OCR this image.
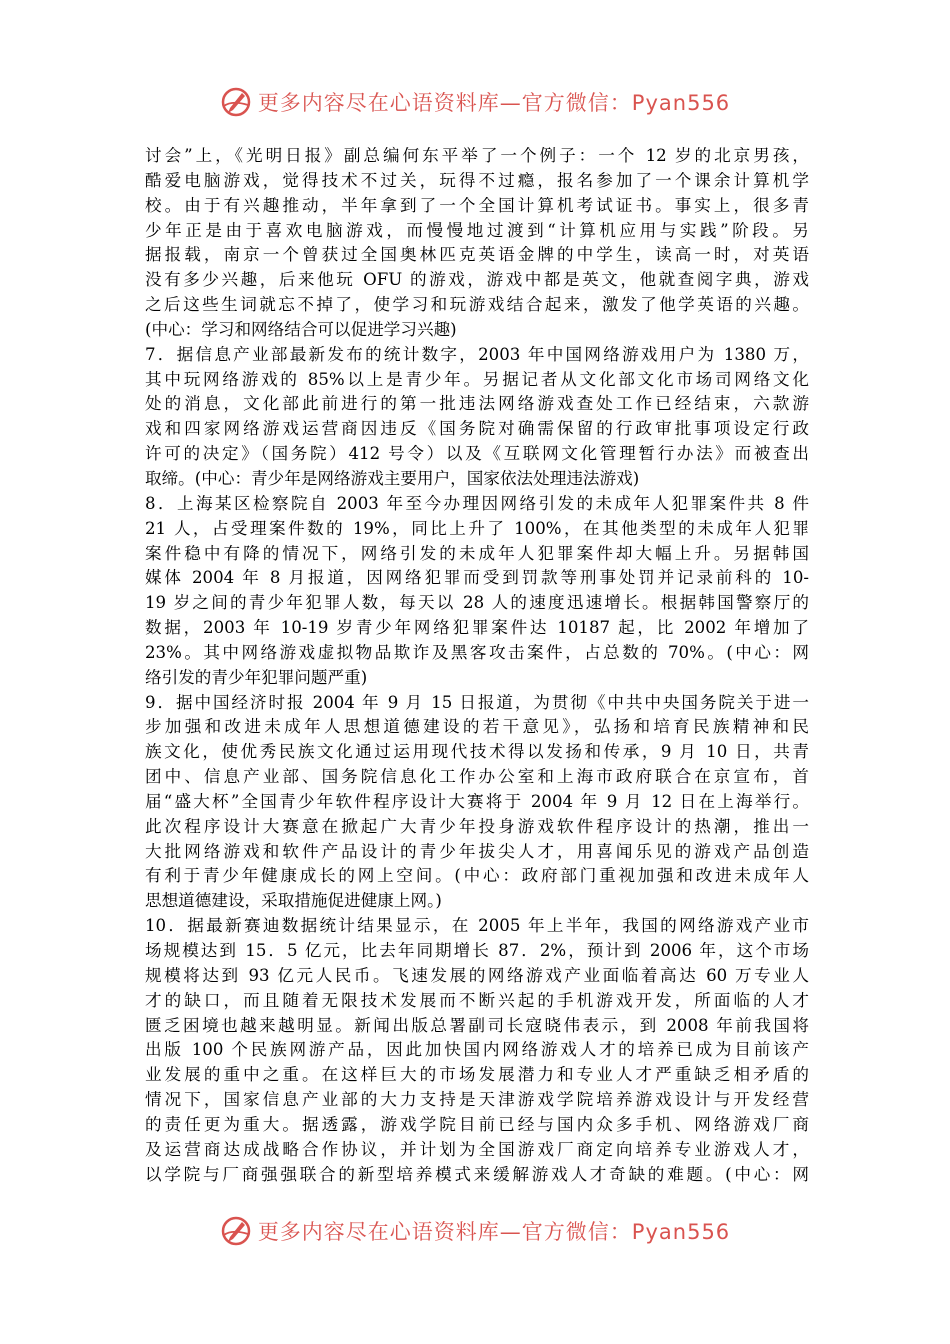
更多内容尽在心语资料库—官方微信：Pyan556
讨会”上，《光明日报》副总编何东平举了一个例子：一个 12 岁的北京男孩，
酷爱电脑游戏，觉得技术不过关，玩得不过瘾，报名参加了一个课余计算机学
校。由于有兴趣推动，半年拿到了一个全国计算机考试证书。事实上，很多青
少年正是由于喜欢电脑游戏，而慢慢地过渡到“计算机应用与实践”阶段。另
据报载，南京一个曾获过全国奥林匹克英语金牌的中学生，读高一时，对英语
没有多少兴趣，后来他玩 OFU 的游戏，游戏中都是英文，他就查阅字典，游戏
之后这些生词就忘不掉了，使学习和玩游戏结合起来，激发了他学英语的兴趣。
(中心：学习和网络结合可以促进学习兴趣)
7．据信息产业部最新发布的统计数字，2003 年中国网络游戏用户为 1380 万，
其中玩网络游戏的 85%以上是青少年。另据记者从文化部文化市场司网络文化
处的消息，文化部此前进行的第一批违法网络游戏查处工作已经结束，六款游
戏和四家网络游戏运营商因违反《国务院对确需保留的行政审批事项设定行政
许可的决定》（国务院）412 号令）以及《互联网文化管理暂行办法》而被查出
取缔。(中心：青少年是网络游戏主要用户，国家依法处理违法游戏)
8．上海某区检察院自 2003 年至今办理因网络引发的未成年人犯罪案件共 8 件
21 人，占受理案件数的 19%，同比上升了 100%，在其他类型的未成年人犯罪
案件稳中有降的情况下，网络引发的未成年人犯罪案件却大幅上升。另据韩国
媒体 2004 年 8 月报道，因网络犯罪而受到罚款等刑事处罚并记录前科的 10-
19 岁之间的青少年犯罪人数，每天以 28 人的速度迅速增长。根据韩国警察厅的
数据，2003 年 10-19 岁青少年网络犯罪案件达 10187 起，比 2002 年增加了
23%。其中网络游戏虚拟物品欺诈及黑客攻击案件，占总数的 70%。(中心：网
络引发的青少年犯罪问题严重)
9．据中国经济时报 2004 年 9 月 15 日报道，为贯彻《中共中央国务院关于进一
步加强和改进未成年人思想道德建设的若干意见》，弘扬和培育民族精神和民
族文化，使优秀民族文化通过运用现代技术得以发扬和传承，9 月 10 日，共青
团中、信息产业部、国务院信息化工作办公室和上海市政府联合在京宣布，首
届“盛大杯”全国青少年软件程序设计大赛将于 2004 年 9 月 12 日在上海举行。
此次程序设计大赛意在掀起广大青少年投身游戏软件程序设计的热潮，推出一
大批网络游戏和软件产品设计的青少年拔尖人才，用喜闻乐见的游戏产品创造
有利于青少年健康成长的网上空间。(中心：政府部门重视加强和改进未成年人
思想道德建设，采取措施促进健康上网。)
10．据最新赛迪数据统计结果显示，在 2005 年上半年，我国的网络游戏产业市
场规模达到 15．5 亿元，比去年同期增长 87．2%，预计到 2006 年，这个市场
规模将达到 93 亿元人民币。飞速发展的网络游戏产业面临着高达 60 万专业人
才的缺口，而且随着无限技术发展而不断兴起的手机游戏开发，所面临的人才
匮乏困境也越来越明显。新闻出版总署副司长寇晓伟表示，到 2008 年前我国将
出版 100 个民族网游产品，因此加快国内网络游戏人才的培养已成为目前该产
业发展的重中之重。在这样巨大的市场发展潜力和专业人才严重缺乏相矛盾的
情况下，国家信息产业部的大力支持是天津游戏学院培养游戏设计与开发经营
的责任更为重大。据透露，游戏学院目前已经与国内众多手机、网络游戏厂商
及运营商达成战略合作协议，并计划为全国游戏厂商定向培养专业游戏人才，
以学院与厂商强强联合的新型培养模式来缓解游戏人才奇缺的难题。(中心：网
更多内容尽在心语资料库—官方微信：Pyan556
